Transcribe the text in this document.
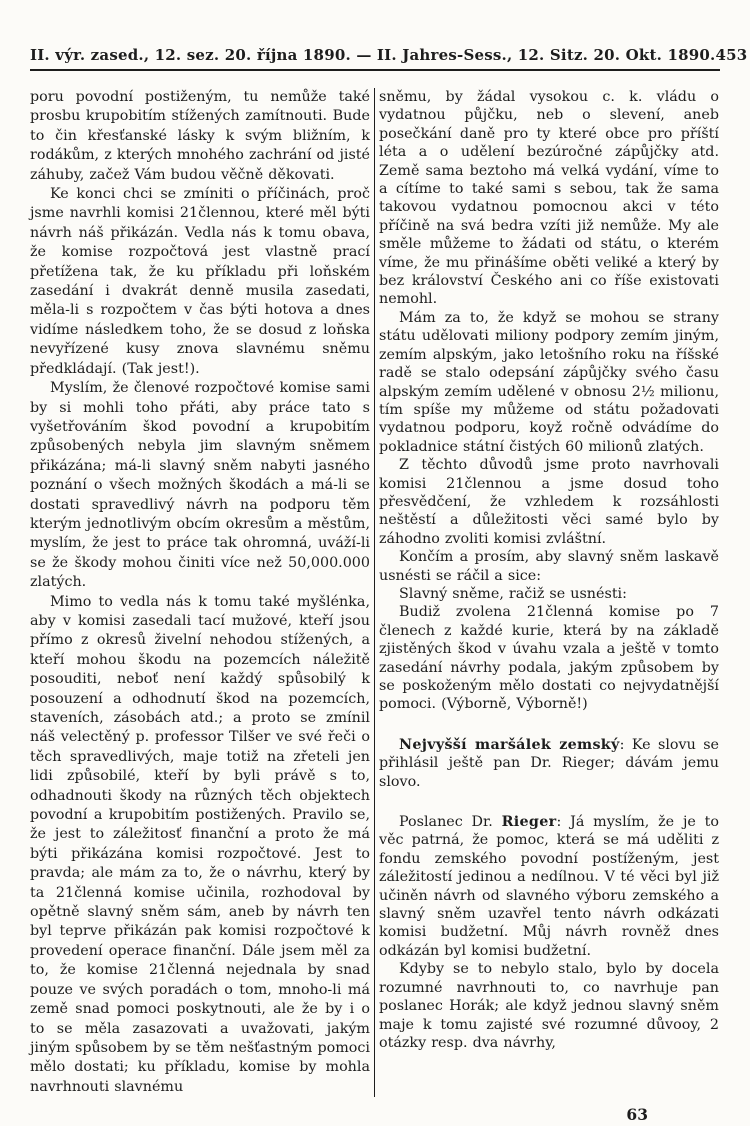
II. výr. zased., 12. sez. 20. října 1890. — II. Jahres-Sess., 12. Sitz. 20. Okt. 1890. 453

poru povodní postiženým, tu nemůže také prosbu krupobitím stížených zamítnouti. Bude to čin křesťanské lásky k svým bližním, k rodákům, z kterých mnohého zachrání od jisté záhuby, začež Vám budou věčně děkovati.

Ke konci chci se zmíniti o příčinách, proč jsme navrhli komisi 21člennou, které měl býti návrh náš přikázán. Vedla nás k tomu obava, že komise rozpočtová jest vlastně prací přetížena tak, že ku příkladu při loňském zasedání i dvakrát denně musila zasedati, měla-li s rozpočtem v čas býti hotova a dnes vidíme následkem toho, že se dosud z loňska nevyřízené kusy znova slavnému sněmu předkládají. (Tak jest!).

Myslím, že členové rozpočtové komise sami by si mohli toho přáti, aby práce tato s vyšetřováním škod povodní a krupobitím způsobených nebyla jim slavným sněmem přikázána; má-li slavný sněm nabyti jasného poznání o všech možných škodách a má-li se dostati spravedlivý návrh na podporu těm kterým jednotlivým obcím okresům a městům, myslím, že jest to práce tak ohromná, uváží-li se že škody mohou činiti více než 50,000.000 zlatých.

Mimo to vedla nás k tomu také myšlénka, aby v komisi zasedali tací mužové, kteří jsou přímo z okresů živelní nehodou stížených, a kteří mohou škodu na pozemcích náležitě posouditi, neboť není každý spůsobilý k posouzení a odhodnutí škod na pozemcích, staveních, zásobách atd.; a proto se zmínil náš velectěný p. professor Tilšer ve své řeči o těch spravedlivých, maje totiž na zřeteli jen lidi způsobilé, kteří by byli právě s to, odhadnouti škody na různých těch objektech povodní a krupobitím postižených. Pravilo se, že jest to záležitosť finanční a proto že má býti přikázána komisi rozpočtové. Jest to pravda; ale mám za to, že o návrhu, který by ta 21členná komise učinila, rozhodoval by opětně slavný sněm sám, aneb by návrh ten byl teprve přikázán pak komisi rozpočtové k provedení operace finanční. Dále jsem měl za to, že komise 21členná nejednala by snad pouze ve svých poradách o tom, mnoho-li má země snad pomoci poskytnouti, ale že by i o to se měla zasazovati a uvažovati, jakým jiným spůsobem by se těm nešťastným pomoci mělo dostati; ku příkladu, komise by mohla navrhnouti slavnému

sněmu, by žádal vysokou c. k. vládu o vydatnou půjčku, neb o slevení, aneb posečkání daně pro ty které obce pro příští léta a o udělení bezúročné zápůjčky atd. Země sama beztoho má velká vydání, víme to a cítíme to také sami s sebou, tak že sama takovou vydatnou pomocnou akci v této příčině na svá bedra vzíti již nemůže. My ale směle můžeme to žádati od státu, o kterém víme, že mu přinášíme oběti veliké a který by bez království Českého ani co říše existovati nemohl.

Mám za to, že když se mohou se strany státu udělovati miliony podpory zemím jiným, zemím alpským, jako letošního roku na říšské radě se stalo odepsání zápůjčky svého času alpským zemím udělené v obnosu 2½ milionu, tím spíše my můžeme od státu požadovati vydatnou podporu, koyž ročně odvádíme do pokladnice státní čistých 60 milionů zlatých.

Z těchto důvodů jsme proto navrhovali komisi 21člennou a jsme dosud toho přesvědčení, že vzhledem k rozsáhlosti neštěstí a důležitosti věci samé bylo by záhodno zvoliti komisi zvláštní.

Končím a prosím, aby slavný sněm laskavě usnésti se ráčil a sice:

Slavný sněme, račiž se usnésti:

Budiž zvolena 21členná komise po 7 členech z každé kurie, která by na základě zjistěných škod v úvahu vzala a ještě v tomto zasedání návrhy podala, jakým způsobem by se poskoženým mělo dostati co nejvydatnější pomoci. (Výborně, Výborně!)

Nejvyšší maršálek zemský: Ke slovu se přihlásil ještě pan Dr. Rieger; dávám jemu slovo.

Poslanec Dr. Rieger: Já myslím, že je to věc patrná, že pomoc, která se má uděliti z fondu zemského povodní postíženým, jest záležitostí jedinou a nedílnou. V té věci byl již učiněn návrh od slavného výboru zemského a slavný sněm uzavřel tento návrh odkázati komisi budžetní. Můj návrh rovněž dnes odkázán byl komisi budžetní.

Kdyby se to nebylo stalo, bylo by docela rozumné navrhnouti to, co navrhuje pan poslanec Horák; ale když jednou slavný sněm maje k tomu zajisté své rozumné důvooy, 2 otázky resp. dva návrhy,

63
